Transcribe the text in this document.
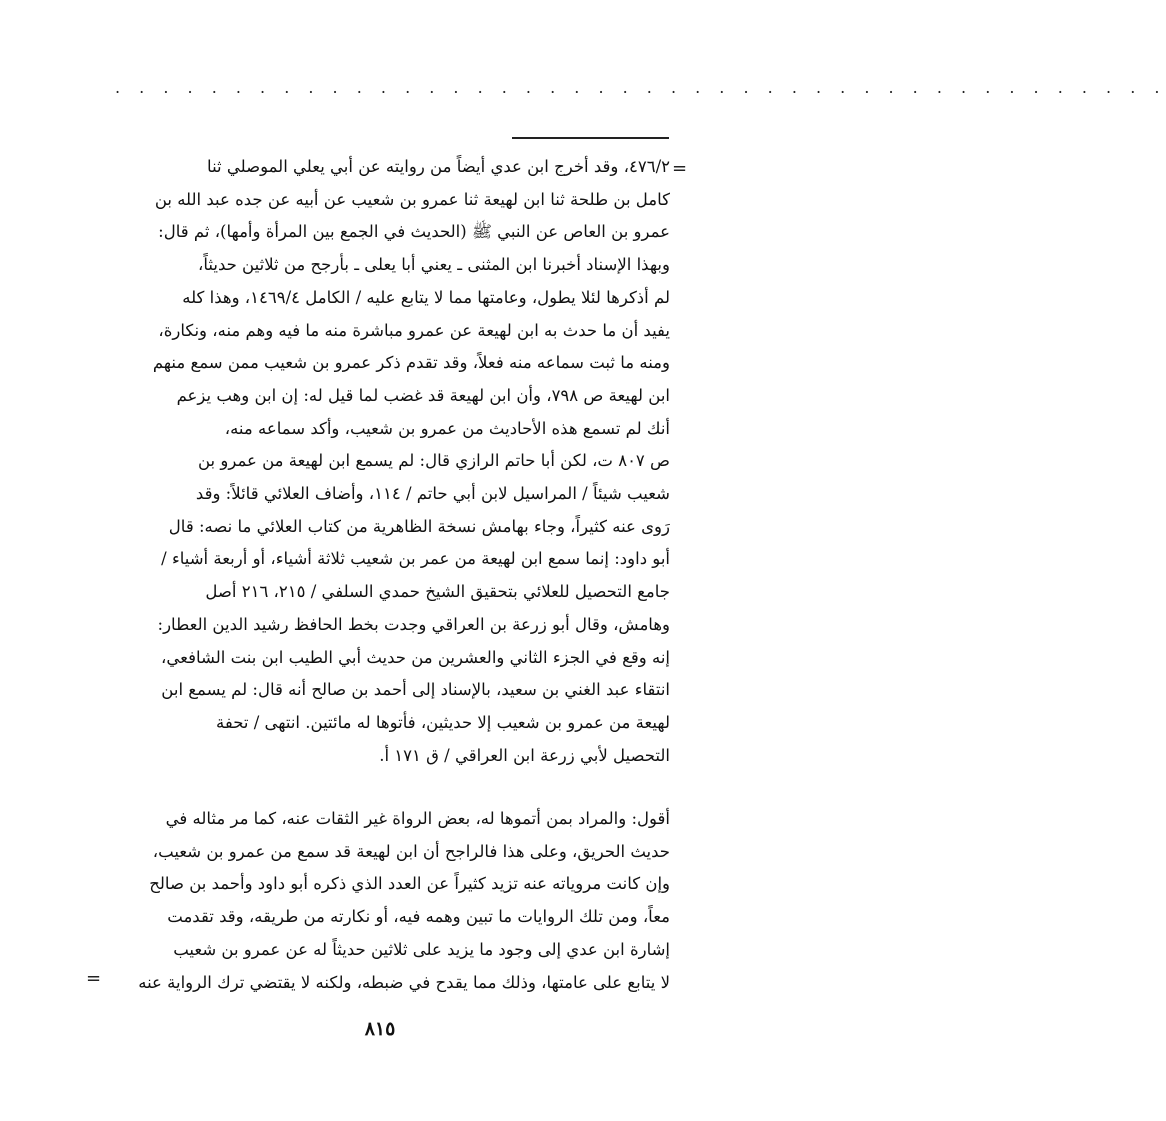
. . . . . . . . . . . . . . . . . . . . . . . . . . . . . . . . . . . . . . . . . . . .
=
٤٧٦/٢، وقد أخرج ابن عدي أيضاً من روايته عن أبي يعلي الموصلي ثنا
كامل بن طلحة ثنا ابن لهيعة ثنا عمرو بن شعيب عن أبيه عن جده عبد الله بن
عمرو بن العاص عن النبي ﷺ (الحديث في الجمع بين المرأة وأمها)، ثم قال:
وبهذا الإسناد أخبرنا ابن المثنى ـ يعني أبا يعلى ـ بأرجح من ثلاثين حديثاً،
لم أذكرها لئلا يطول، وعامتها مما لا يتابع عليه / الكامل ١٤٦٩/٤، وهذا كله
يفيد أن ما حدث به ابن لهيعة عن عمرو مباشرة منه ما فيه وهم منه، ونكارة،
ومنه ما ثبت سماعه منه فعلاً، وقد تقدم ذكر عمرو بن شعيب ممن سمع منهم
ابن لهيعة ص ٧٩٨، وأن ابن لهيعة قد غضب لما قيل له: إن ابن وهب يزعم
أنك لم تسمع هذه الأحاديث من عمرو بن شعيب، وأكد سماعه منه،
ص ٨٠٧ ت، لكن أبا حاتم الرازي قال: لم يسمع ابن لهيعة من عمرو بن
شعيب شيئاً / المراسيل لابن أبي حاتم / ١١٤، وأضاف العلائي قائلاً: وقد
رَوى عنه كثيراً، وجاء بهامش نسخة الظاهرية من كتاب العلائي ما نصه: قال
أبو داود: إنما سمع ابن لهيعة من عمر بن شعيب ثلاثة أشياء، أو أربعة أشياء /
جامع التحصيل للعلائي بتحقيق الشيخ حمدي السلفي / ٢١٥، ٢١٦ أصل
وهامش، وقال أبو زرعة بن العراقي وجدت بخط الحافظ رشيد الدين العطار:
إنه وقع في الجزء الثاني والعشرين من حديث أبي الطيب ابن بنت الشافعي،
انتقاء عبد الغني بن سعيد، بالإسناد إلى أحمد بن صالح أنه قال: لم يسمع ابن
لهيعة من عمرو بن شعيب إلا حديثين، فأتوها له مائتين. انتهى / تحفة
التحصيل لأبي زرعة ابن العراقي / ق ١٧١ أ.
أقول: والمراد بمن أتموها له، بعض الرواة غير الثقات عنه، كما مر مثاله في
حديث الحريق، وعلى هذا فالراجح أن ابن لهيعة قد سمع من عمرو بن شعيب،
وإن كانت مروياته عنه تزيد كثيراً عن العدد الذي ذكره أبو داود وأحمد بن صالح
معاً، ومن تلك الروايات ما تبين وهمه فيه، أو نكارته من طريقه، وقد تقدمت
إشارة ابن عدي إلى وجود ما يزيد على ثلاثين حديثاً له عن عمرو بن شعيب
لا يتابع على عامتها، وذلك مما يقدح في ضبطه، ولكنه لا يقتضي ترك الرواية عنه
=
٨١٥
